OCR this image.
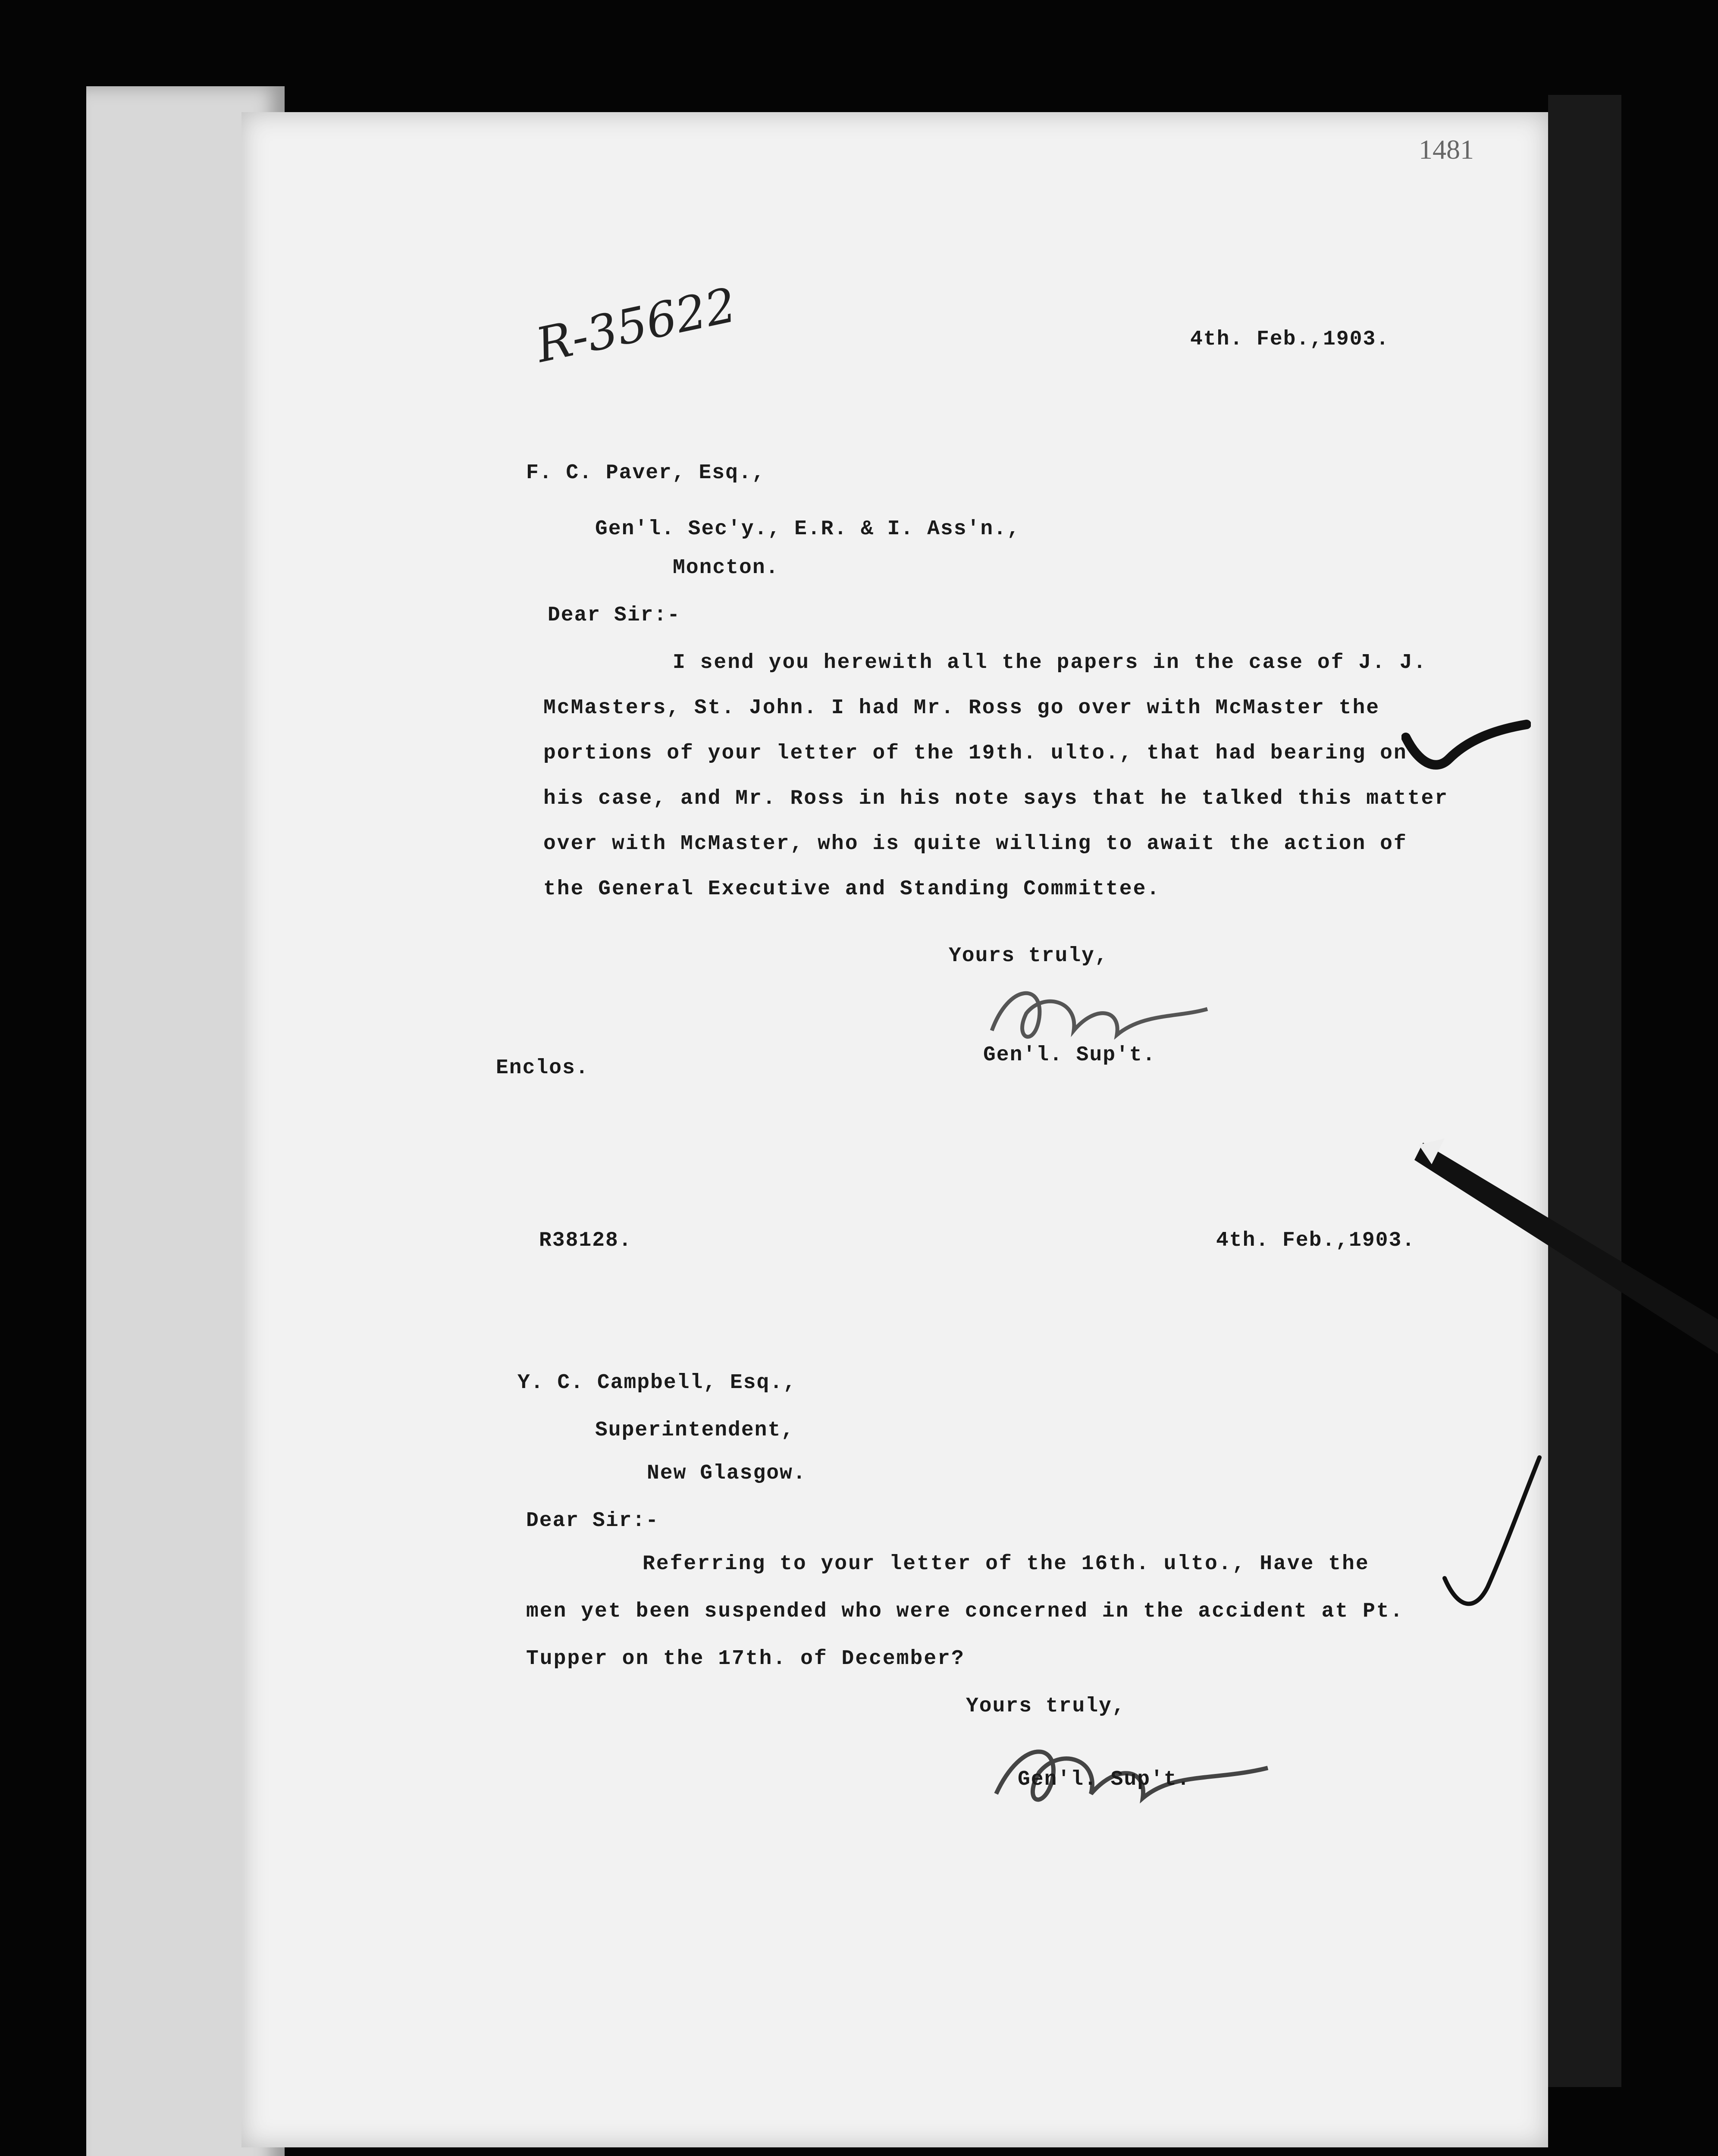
1481
R-35622	4th. Feb.,1903.
F. C. Paver, Esq.,
Gen'l. Sec'y., E.R. & I. Ass'n.,
Moncton.
Dear Sir:-
I send you herewith all the papers in the case of J. J.
McMasters, St. John. I had Mr. Ross go over with McMaster the
portions of your letter of the 19th. ulto., that had bearing on
his case, and Mr. Ross in his note says that he talked this matter
over with McMaster, who is quite willing to await the action of
the General Executive and Standing Committee.
Yours truly,
Gen'l. Sup't.
Enclos.
R38128.	4th. Feb.,1903.
Y. C. Campbell, Esq.,
Superintendent,
New Glasgow.
Dear Sir:-
Referring to your letter of the 16th. ulto., Have the
men yet been suspended who were concerned in the accident at Pt.
Tupper on the 17th. of December?
Yours truly,
Gen'l. Sup't.
